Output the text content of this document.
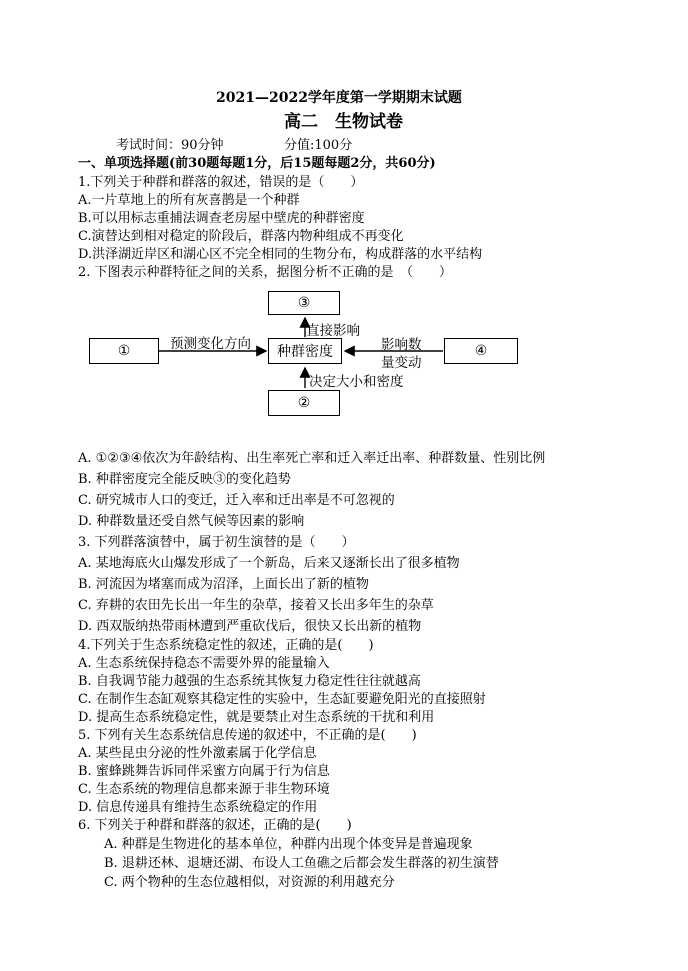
2021—2022学年度第一学期期末试题
高二　生物试卷
考试时间：90分钟	分值:100分
一、单项选择题(前30题每题1分，后15题每题2分，共60分)
1.下列关于种群和群落的叙述，错误的是（　　）
A.一片草地上的所有灰喜鹊是一个种群
B.可以用标志重捕法调查老房屋中壁虎的种群密度
C.演替达到相对稳定的阶段后，群落内物种组成不再变化
D.洪泽湖近岸区和湖心区不完全相同的生物分布，构成群落的水平结构
2. 下图表示种群特征之间的关系，据图分析不正确的是　（　　）
③
①	种群密度	④
②
直接影响
预测变化方向	影响数
量变动
决定大小和密度
A. ①②③④依次为年龄结构、出生率死亡率和迁入率迁出率、种群数量、性别比例
B. 种群密度完全能反映③的变化趋势
C. 研究城市人口的变迁，迁入率和迁出率是不可忽视的
D. 种群数量还受自然气候等因素的影响
3. 下列群落演替中，属于初生演替的是（　　）
A. 某地海底火山爆发形成了一个新岛，后来又逐渐长出了很多植物
B. 河流因为堵塞而成为沼泽，上面长出了新的植物
C. 弃耕的农田先长出一年生的杂草，接着又长出多年生的杂草
D. 西双版纳热带雨林遭到严重砍伐后，很快又长出新的植物
4.下列关于生态系统稳定性的叙述，正确的是(　　)
A. 生态系统保持稳态不需要外界的能量输入
B. 自我调节能力越强的生态系统其恢复力稳定性往往就越高
C. 在制作生态缸观察其稳定性的实验中，生态缸要避免阳光的直接照射
D. 提高生态系统稳定性，就是要禁止对生态系统的干扰和利用
5. 下列有关生态系统信息传递的叙述中，不正确的是(　　)
A. 某些昆虫分泌的性外激素属于化学信息
B. 蜜蜂跳舞告诉同伴采蜜方向属于行为信息
C. 生态系统的物理信息都来源于非生物环境
D. 信息传递具有维持生态系统稳定的作用
6. 下列关于种群和群落的叙述，正确的是(　　)
A. 种群是生物进化的基本单位，种群内出现个体变异是普遍现象
B. 退耕还林、退塘还湖、布设人工鱼礁之后都会发生群落的初生演替
C. 两个物种的生态位越相似，对资源的利用越充分
